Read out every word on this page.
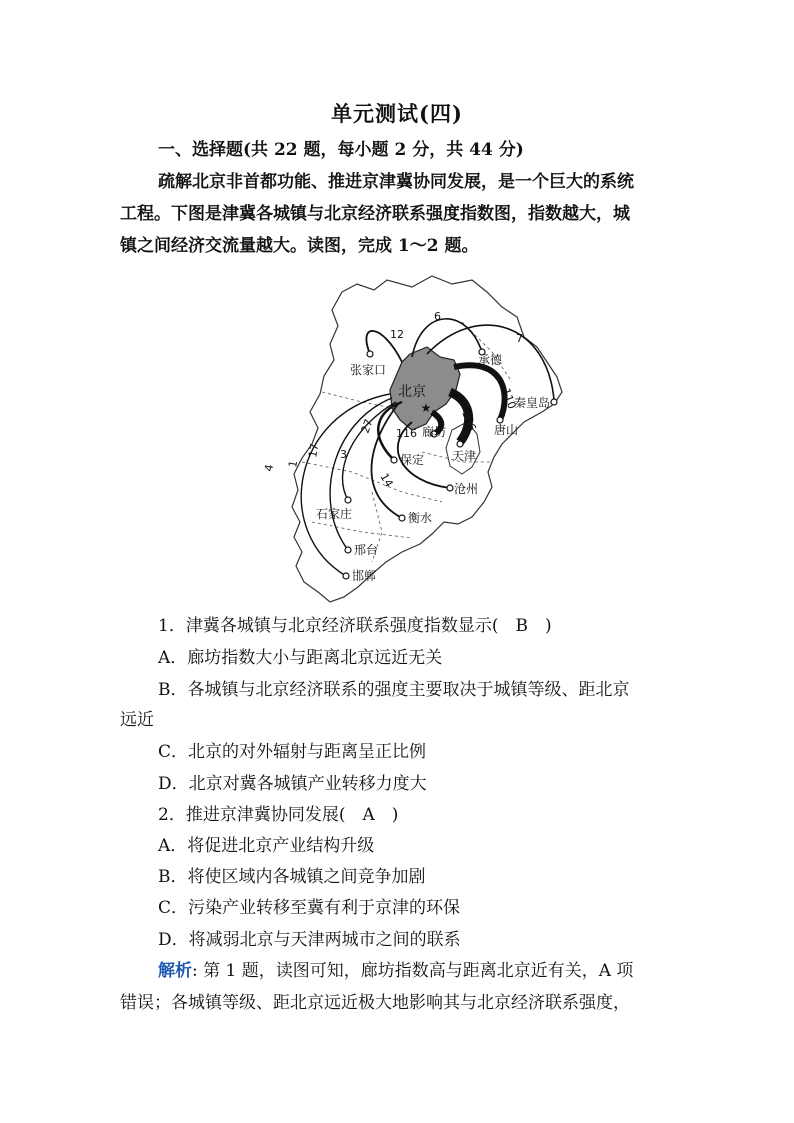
单元测试(四)
一、选择题(共 22 题，每小题 2 分，共 44 分)
疏解北京非首都功能、推进京津冀协同发展，是一个巨大的系统
工程。下图是津冀各城镇与北京经济联系强度指数图，指数越大，城
镇之间经济交流量越大。读图，完成 1～2 题。
北京
★
张家口
承德
秦皇岛
唐山
天津
廊坊
保定
沧州
石家庄	衡水
邢台
邯郸
12
6
7
110
136
116
27
14
3
17
1
4
1．津冀各城镇与北京经济联系强度指数显示(　B　)
A．廊坊指数大小与距离北京远近无关
B．各城镇与北京经济联系的强度主要取决于城镇等级、距北京
远近
C．北京的对外辐射与距离呈正比例
D．北京对冀各城镇产业转移力度大
2．推进京津冀协同发展(　A　)
A．将促进北京产业结构升级
B．将使区域内各城镇之间竞争加剧
C．污染产业转移至冀有利于京津的环保
D．将减弱北京与天津两城市之间的联系
解析: 第 1 题，读图可知，廊坊指数高与距离北京近有关，A 项
错误；各城镇等级、距北京远近极大地影响其与北京经济联系强度，
